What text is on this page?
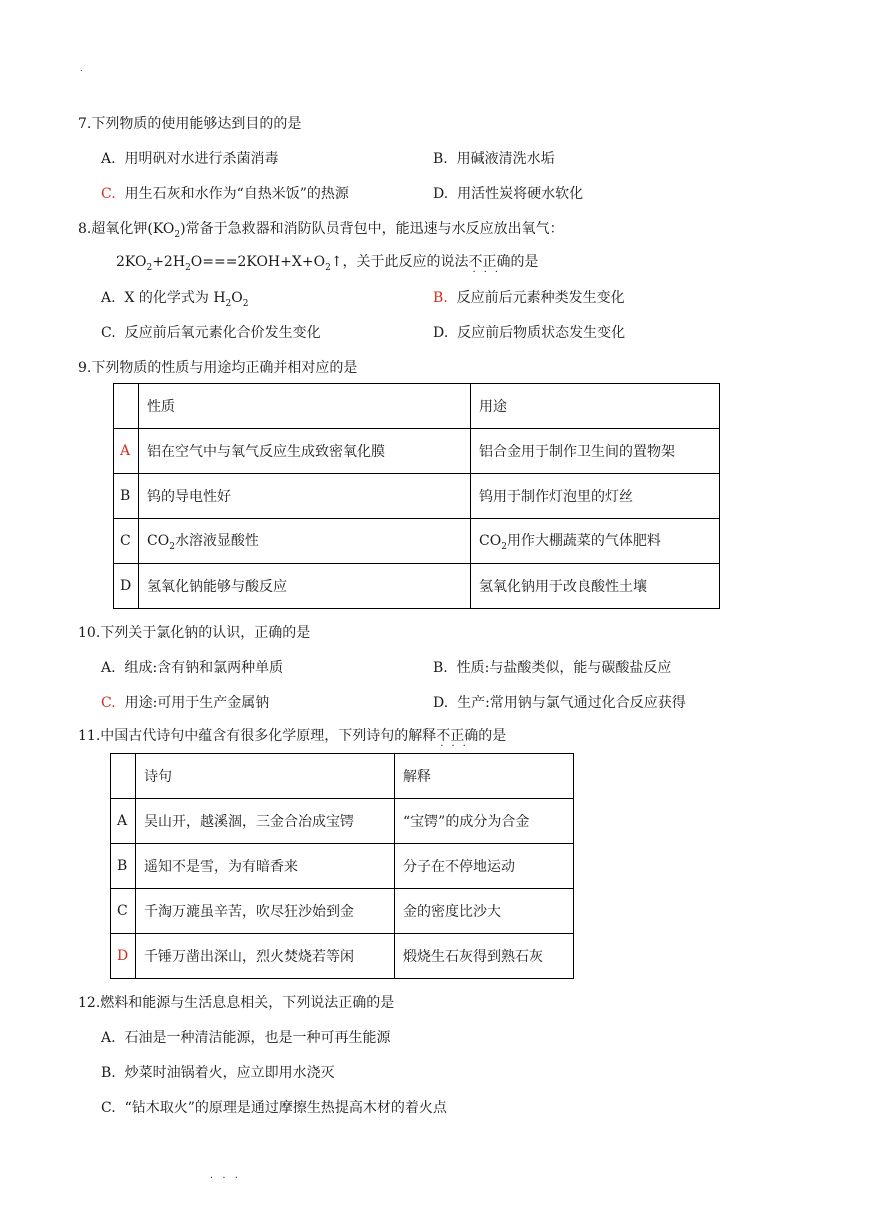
.
7.下列物质的使用能够达到目的的是
A. 用明矾对水进行杀菌消毒	B. 用碱液清洗水垢
C. 用生石灰和水作为“自热米饭”的热源	D. 用活性炭将硬水软化
8.超氧化钾$(KO_2)$常备于急救器和消防队员背包中，能迅速与水反应放出氧气：
$2KO_2+2H_2O===2KOH+X+O_2↑$，关于此反应的说法不正确
···
的是
A. X 的化学式为 $H_2O_2$	B. 反应前后元素种类发生变化
C. 反应前后氧元素化合价发生变化	D. 反应前后物质状态发生变化
9.下列物质的性质与用途均正确并相对应的是
	性质	用途
A	铝在空气中与氧气反应生成致密氧化膜	铝合金用于制作卫生间的置物架
B	钨的导电性好	钨用于制作灯泡里的灯丝
C	$CO_2$水溶液显酸性	$CO_2$用作大棚蔬菜的气体肥料
D	氢氧化钠能够与酸反应	氢氧化钠用于改良酸性土壤
10.下列关于氯化钠的认识，正确的是
A. 组成:含有钠和氯两种单质	B. 性质:与盐酸类似，能与碳酸盐反应
C. 用途:可用于生产金属钠	D. 生产:常用钠与氯气通过化合反应获得
11.中国古代诗句中蕴含有很多化学原理，下列诗句的解释不正确
···
的是
	诗句	解释
A	吴山开，越溪涸，三金合冶成宝锷	“宝锷”的成分为合金
B	遥知不是雪，为有暗香来	分子在不停地运动
C	千淘万漉虽辛苦，吹尽狂沙始到金	金的密度比沙大
D	千锤万凿出深山，烈火焚烧若等闲	煅烧生石灰得到熟石灰
12.燃料和能源与生活息息相关，下列说法正确的是
A. 石油是一种清洁能源，也是一种可再生能源
B. 炒菜时油锅着火，应立即用水浇灭
C. “钻木取火”的原理是通过摩擦生热提高木材的着火点
. . .
